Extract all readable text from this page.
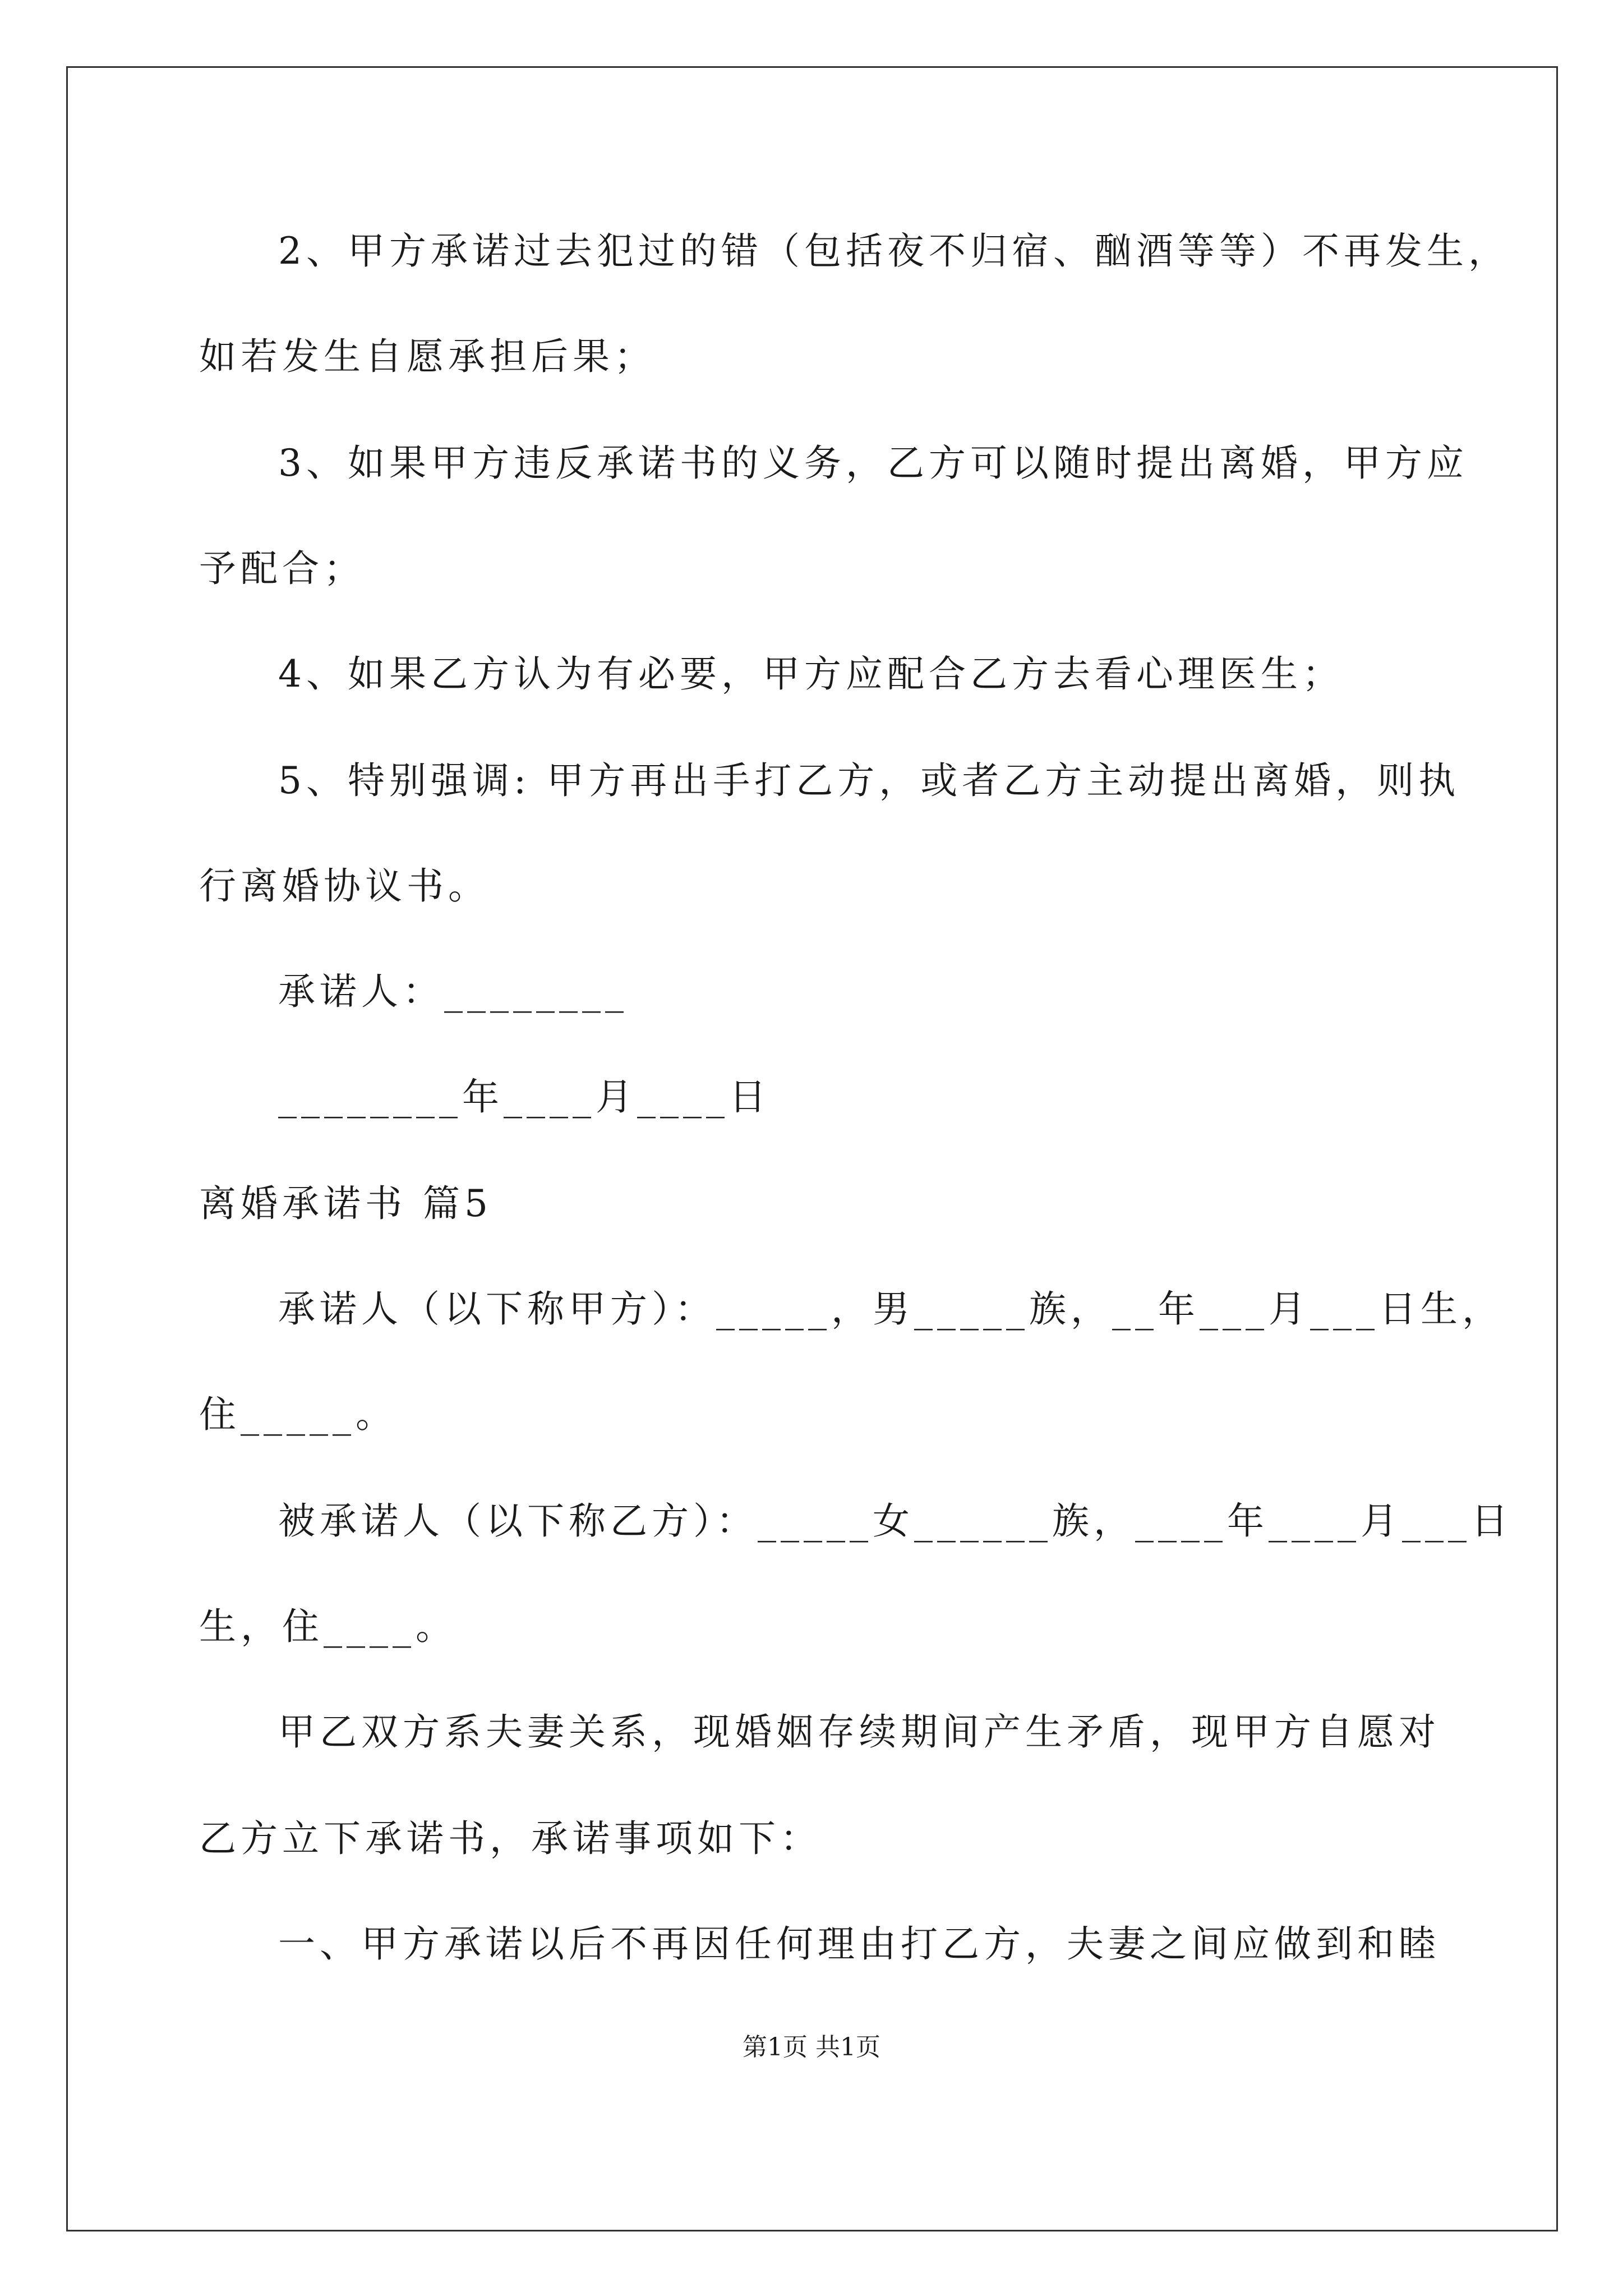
2、甲方承诺过去犯过的错（包括夜不归宿、酗酒等等）不再发生，
如若发生自愿承担后果；
3、如果甲方违反承诺书的义务，乙方可以随时提出离婚，甲方应
予配合；
4、如果乙方认为有必要，甲方应配合乙方去看心理医生；
5、特别强调: 甲方再出手打乙方，或者乙方主动提出离婚，则执
行离婚协议书。
承诺人：________
________年____月____日
离婚承诺书 篇5
承诺人（以下称甲方）：_____，男_____族，__年___月___日生，
住_____。
被承诺人（以下称乙方）：_____女______族，____年____月___日
生，住____。
甲乙双方系夫妻关系，现婚姻存续期间产生矛盾，现甲方自愿对
乙方立下承诺书，承诺事项如下：
一、甲方承诺以后不再因任何理由打乙方，夫妻之间应做到和睦
第1页 共1页
